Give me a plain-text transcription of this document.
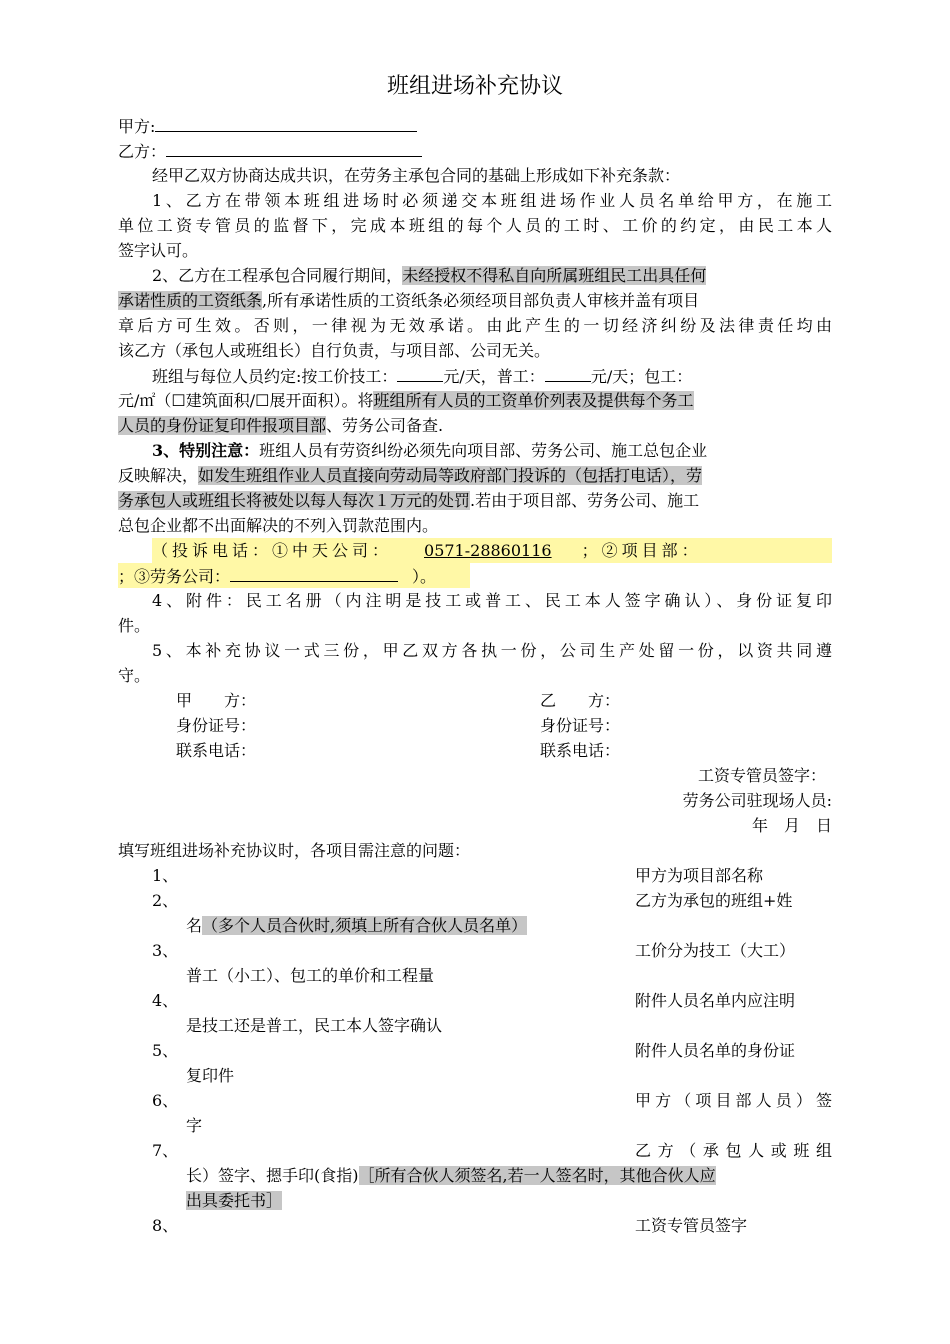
班组进场补充协议
甲方:
乙方：
经甲乙双方协商达成共识，在劳务主承包合同的基础上形成如下补充条款：
1、乙方在带领本班组进场时必须递交本班组进场作业人员名单给甲方，在施工
单位工资专管员的监督下，完成本班组的每个人员的工时、工价的约定，由民工本人
签字认可。
2、乙方在工程承包合同履行期间，未经授权不得私自向所属班组民工出具任何
承诺性质的工资纸条,所有承诺性质的工资纸条必须经项目部负责人审核并盖有项目
章后方可生效。否则，一律视为无效承诺。由此产生的一切经济纠纷及法律责任均由
该乙方（承包人或班组长）自行负责，与项目部、公司无关。
班组与每位人员约定:按工价技工：	元/天，普工：	元/天；包工：
元/㎡（☐建筑面积/☐展开面积）。将班组所有人员的工资单价列表及提供每个务工
人员的身份证复印件报项目部、劳务公司备查.
3、特别注意：班组人员有劳资纠纷必须先向项目部、劳务公司、施工总包企业
反映解决，如发生班组作业人员直接向劳动局等政府部门投诉的（包括打电话），劳
务承包人或班组长将被处以每人每次１万元的处罚.若由于项目部、劳务公司、施工
总包企业都不出面解决的不列入罚款范围内。
（投诉电话：①中天公司： 0571-28860116 ；②项目部：
；③劳务公司：	）。
4、附件：民工名册（内注明是技工或普工、民工本人签字确认）、身份证复印
件。
5、本补充协议一式三份，甲乙双方各执一份，公司生产处留一份，以资共同遵
守。
甲　　方：	乙　　方：
身份证号：	身份证号：
联系电话：	联系电话：
工资专管员签字：
劳务公司驻现场人员:
年　月　日
填写班组进场补充协议时，各项目需注意的问题：
1、	甲方为项目部名称
2、	乙方为承包的班组+姓
名（多个人员合伙时,须填上所有合伙人员名单）
3、	工价分为技工（大工）
普工（小工）、包工的单价和工程量
4、	附件人员名单内应注明
是技工还是普工，民工本人签字确认
5、	附件人员名单的身份证
复印件
6、	甲方（项目部人员）签
字
7、	乙方（承包人或班组
长）签字、摁手印(食指)［所有合伙人须签名,若一人签名时，其他合伙人应
出具委托书］
8、	工资专管员签字
